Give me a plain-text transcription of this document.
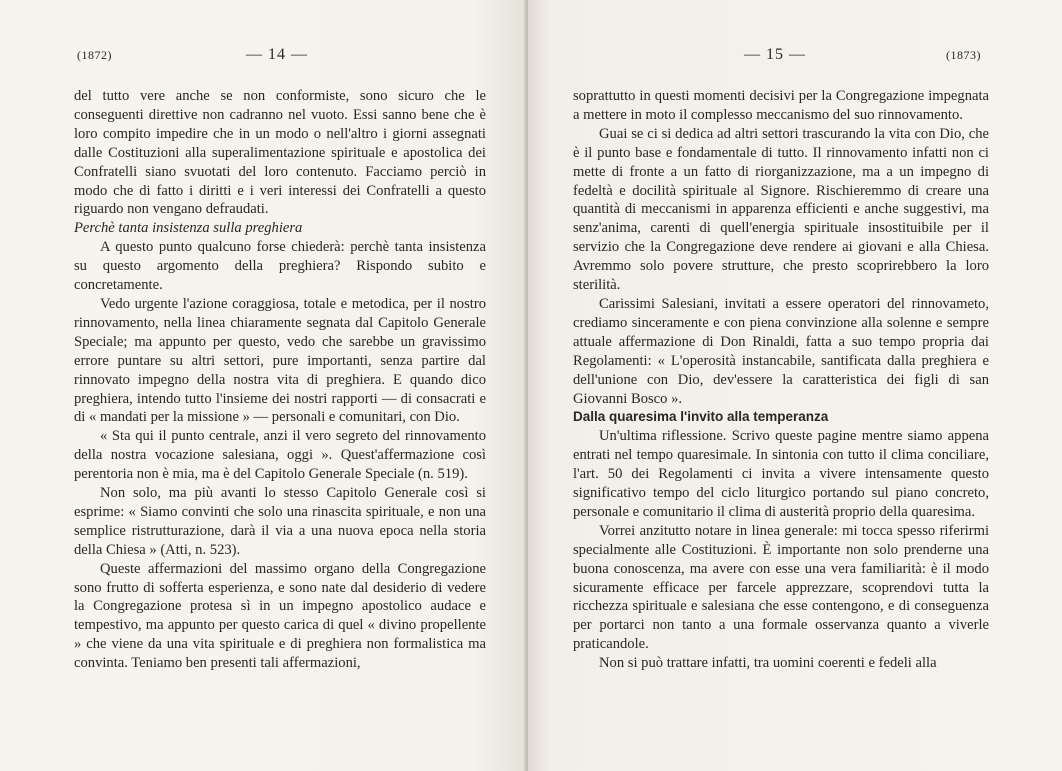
(1872)	— 14 —

del tutto vere anche se non conformiste, sono sicuro che le conseguenti direttive non cadranno nel vuoto. Essi sanno bene che è loro compito impedire che in un modo o nell'altro i giorni assegnati dalle Costituzioni alla superalimentazione spirituale e apostolica dei Confratelli siano svuotati del loro contenuto. Facciamo perciò in modo che di fatto i diritti e i veri interessi dei Confratelli a questo riguardo non vengano defraudati.

Perchè tanta insistenza sulla preghiera

A questo punto qualcuno forse chiederà: perchè tanta insistenza su questo argomento della preghiera? Rispondo subito e concretamente.

Vedo urgente l'azione coraggiosa, totale e metodica, per il nostro rinnovamento, nella linea chiaramente segnata dal Capitolo Generale Speciale; ma appunto per questo, vedo che sarebbe un gravissimo errore puntare su altri settori, pure importanti, senza partire dal rinnovato impegno della nostra vita di preghiera. E quando dico preghiera, intendo tutto l'insieme dei nostri rapporti — di consacrati e di « mandati per la missione » — personali e comunitari, con Dio.

« Sta qui il punto centrale, anzi il vero segreto del rinnovamento della nostra vocazione salesiana, oggi ». Quest'affermazione così perentoria non è mia, ma è del Capitolo Generale Speciale (n. 519).

Non solo, ma più avanti lo stesso Capitolo Generale così si esprime: « Siamo convinti che solo una rinascita spirituale, e non una semplice ristrutturazione, darà il via a una nuova epoca nella storia della Chiesa » (Atti, n. 523).

Queste affermazioni del massimo organo della Congregazione sono frutto di sofferta esperienza, e sono nate dal desiderio di vedere la Congregazione protesa sì in un impegno apostolico audace e tempestivo, ma appunto per questo carica di quel « divino propellente » che viene da una vita spirituale e di preghiera non formalistica ma convinta. Teniamo ben presenti tali affermazioni,

— 15 —	(1873)

soprattutto in questi momenti decisivi per la Congregazione impegnata a mettere in moto il complesso meccanismo del suo rinnovamento.

Guai se ci si dedica ad altri settori trascurando la vita con Dio, che è il punto base e fondamentale di tutto. Il rinnovamento infatti non ci mette di fronte a un fatto di riorganizzazione, ma a un impegno di fedeltà e docilità spirituale al Signore. Rischieremmo di creare una quantità di meccanismi in apparenza efficienti e anche suggestivi, ma senz'anima, carenti di quell'energia spirituale insostituibile per il servizio che la Congregazione deve rendere ai giovani e alla Chiesa. Avremmo solo povere strutture, che presto scoprirebbero la loro sterilità.

Carissimi Salesiani, invitati a essere operatori del rinnovameto, crediamo sinceramente e con piena convinzione alla solenne e sempre attuale affermazione di Don Rinaldi, fatta a suo tempo propria dai Regolamenti: « L'operosità instancabile, santificata dalla preghiera e dell'unione con Dio, dev'essere la caratteristica dei figli di san Giovanni Bosco ».

Dalla quaresima l'invito alla temperanza

Un'ultima riflessione. Scrivo queste pagine mentre siamo appena entrati nel tempo quaresimale. In sintonia con tutto il clima conciliare, l'art. 50 dei Regolamenti ci invita a vivere intensamente questo significativo tempo del ciclo liturgico portando sul piano concreto, personale e comunitario il clima di austerità proprio della quaresima.

Vorrei anzitutto notare in linea generale: mi tocca spesso riferirmi specialmente alle Costituzioni. È importante non solo prenderne una buona conoscenza, ma avere con esse una vera familiarità: è il modo sicuramente efficace per farcele apprezzare, scoprendovi tutta la ricchezza spirituale e salesiana che esse contengono, e di conseguenza per portarci non tanto a una formale osservanza quanto a viverle praticandole.

Non si può trattare infatti, tra uomini coerenti e fedeli alla
